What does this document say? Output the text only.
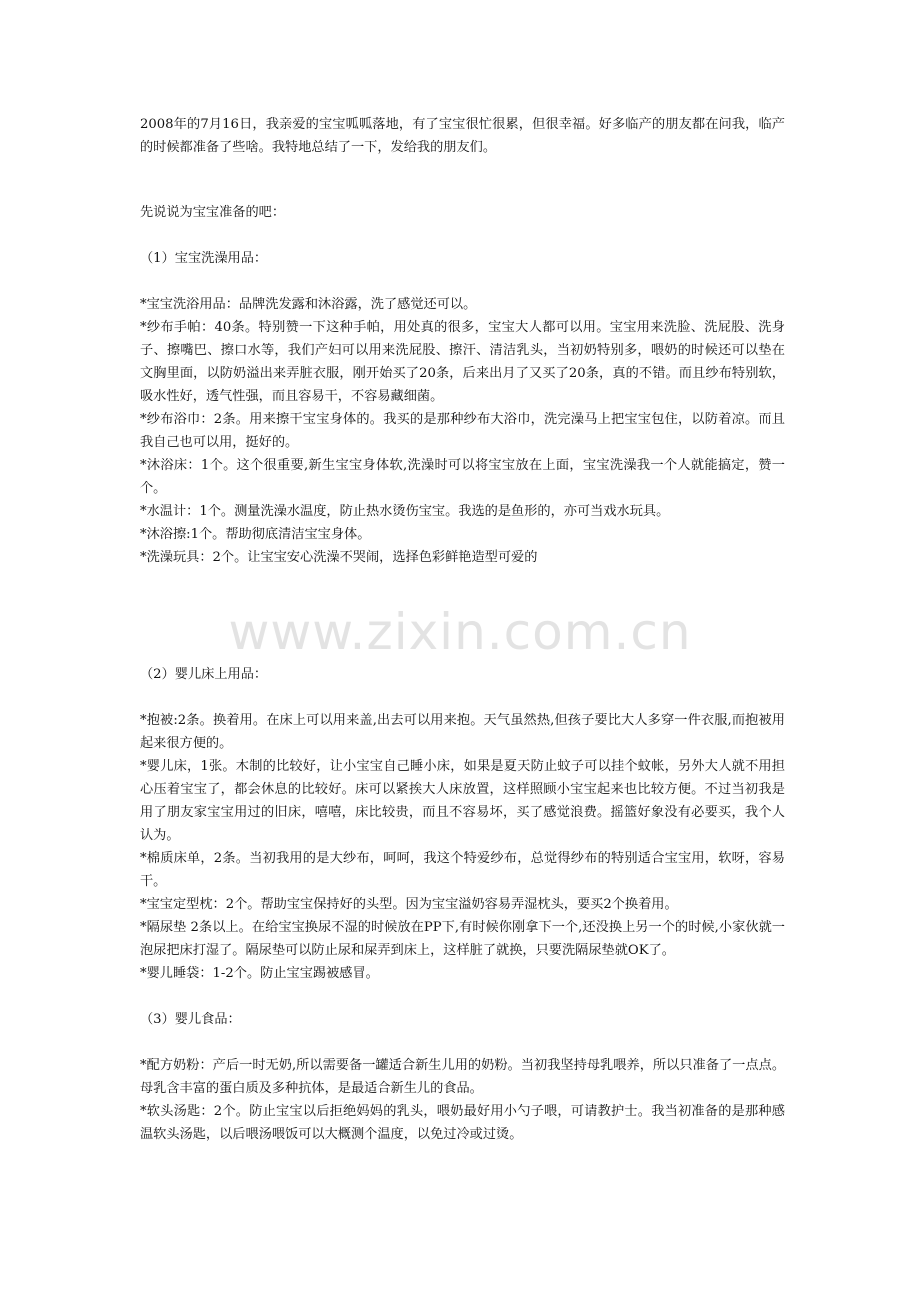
www.zixin.com.cn

2008年的7月16日，我亲爱的宝宝呱呱落地，有了宝宝很忙很累，但很幸福。好多临产的朋友都在问我，临产的时候都准备了些啥。我特地总结了一下，发给我的朋友们。

先说说为宝宝准备的吧：

（1）宝宝洗澡用品：

*宝宝洗浴用品：品牌洗发露和沐浴露，洗了感觉还可以。

*纱布手帕：40条。特别赞一下这种手帕，用处真的很多，宝宝大人都可以用。宝宝用来洗脸、洗屁股、洗身子、擦嘴巴、擦口水等，我们产妇可以用来洗屁股、擦汗、清洁乳头，当初奶特别多，喂奶的时候还可以垫在文胸里面，以防奶溢出来弄脏衣服，刚开始买了20条，后来出月了又买了20条，真的不错。而且纱布特别软，吸水性好，透气性强，而且容易干，不容易藏细菌。

*纱布浴巾：2条。用来擦干宝宝身体的。我买的是那种纱布大浴巾，洗完澡马上把宝宝包住，以防着凉。而且我自己也可以用，挺好的。

*沐浴床：1个。这个很重要,新生宝宝身体软,洗澡时可以将宝宝放在上面，宝宝洗澡我一个人就能搞定，赞一个。

*水温计：1个。测量洗澡水温度，防止热水烫伤宝宝。我选的是鱼形的，亦可当戏水玩具。

*沐浴擦:1个。帮助彻底清洁宝宝身体。

*洗澡玩具：2个。让宝宝安心洗澡不哭闹，选择色彩鲜艳造型可爱的

（2）婴儿床上用品：

*抱被:2条。换着用。在床上可以用来盖,出去可以用来抱。天气虽然热,但孩子要比大人多穿一件衣服,而抱被用起来很方便的。

*婴儿床，1张。木制的比较好，让小宝宝自己睡小床，如果是夏天防止蚊子可以挂个蚊帐，另外大人就不用担心压着宝宝了，都会休息的比较好。床可以紧挨大人床放置，这样照顾小宝宝起来也比较方便。不过当初我是用了朋友家宝宝用过的旧床，嘻嘻，床比较贵，而且不容易坏，买了感觉浪费。摇篮好象没有必要买，我个人认为。

*棉质床单，2条。当初我用的是大纱布，呵呵，我这个特爱纱布，总觉得纱布的特别适合宝宝用，软呀，容易干。

*宝宝定型枕：2个。帮助宝宝保持好的头型。因为宝宝溢奶容易弄湿枕头，要买2个换着用。

*隔尿垫 2条以上。在给宝宝换尿不湿的时候放在PP下,有时候你刚拿下一个,还没换上另一个的时候,小家伙就一泡尿把床打湿了。隔尿垫可以防止尿和屎弄到床上，这样脏了就换，只要洗隔尿垫就OK了。

*婴儿睡袋：1-2个。防止宝宝踢被感冒。

（3）婴儿食品：

*配方奶粉：产后一时无奶,所以需要备一罐适合新生儿用的奶粉。当初我坚持母乳喂养，所以只准备了一点点。母乳含丰富的蛋白质及多种抗体，是最适合新生儿的食品。

*软头汤匙：2个。防止宝宝以后拒绝妈妈的乳头，喂奶最好用小勺子喂，可请教护士。我当初准备的是那种感温软头汤匙，以后喂汤喂饭可以大概测个温度，以免过冷或过烫。
